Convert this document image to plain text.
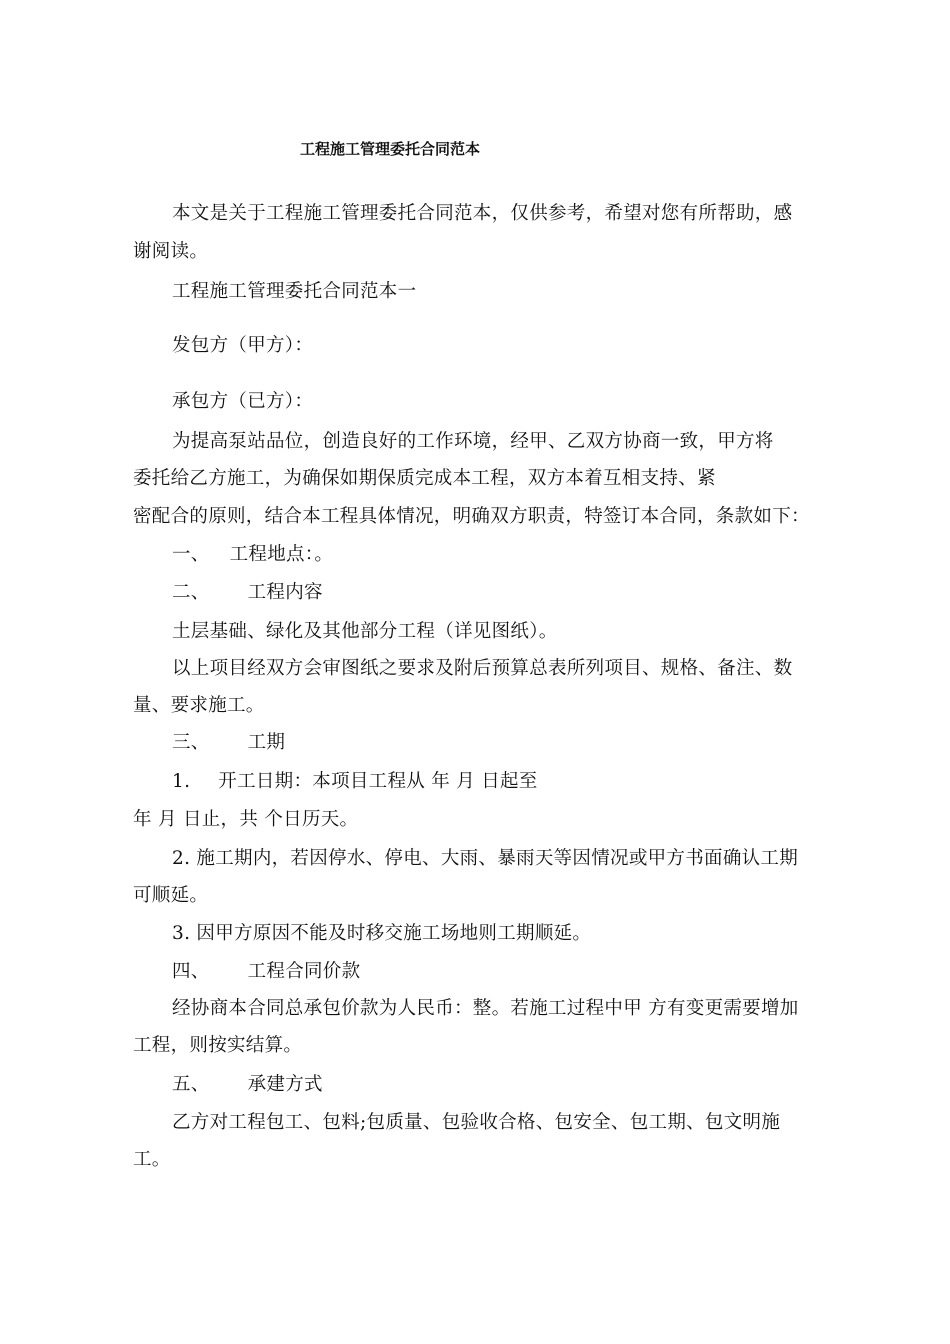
工程施工管理委托合同范本
本文是关于工程施工管理委托合同范本，仅供参考，希望对您有所帮助，感
谢阅读。
工程施工管理委托合同范本一
发包方（甲方）：
承包方（已方）：
为提高泵站品位，创造良好的工作环境，经甲、乙双方协商一致，甲方将
委托给乙方施工，为确保如期保质完成本工程，双方本着互相支持、紧
密配合的原则，结合本工程具体情况，明确双方职责，特签订本合同，条款如下：
一、 工程地点：。
二、 工程内容
土层基础、绿化及其他部分工程（详见图纸）。
以上项目经双方会审图纸之要求及附后预算总表所列项目、规格、备注、数
量、要求施工。
三、 工期
1. 开工日期：本项目工程从 年 月 日起至
年 月 日止，共 个日历天。
2. 施工期内，若因停水、停电、大雨、暴雨天等因情况或甲方书面确认工期
可顺延。
3. 因甲方原因不能及时移交施工场地则工期顺延。
四、 工程合同价款
经协商本合同总承包价款为人民币：整。若施工过程中甲 方有变更需要增加
工程，则按实结算。
五、 承建方式
乙方对工程包工、包料;包质量、包验收合格、包安全、包工期、包文明施
工。
